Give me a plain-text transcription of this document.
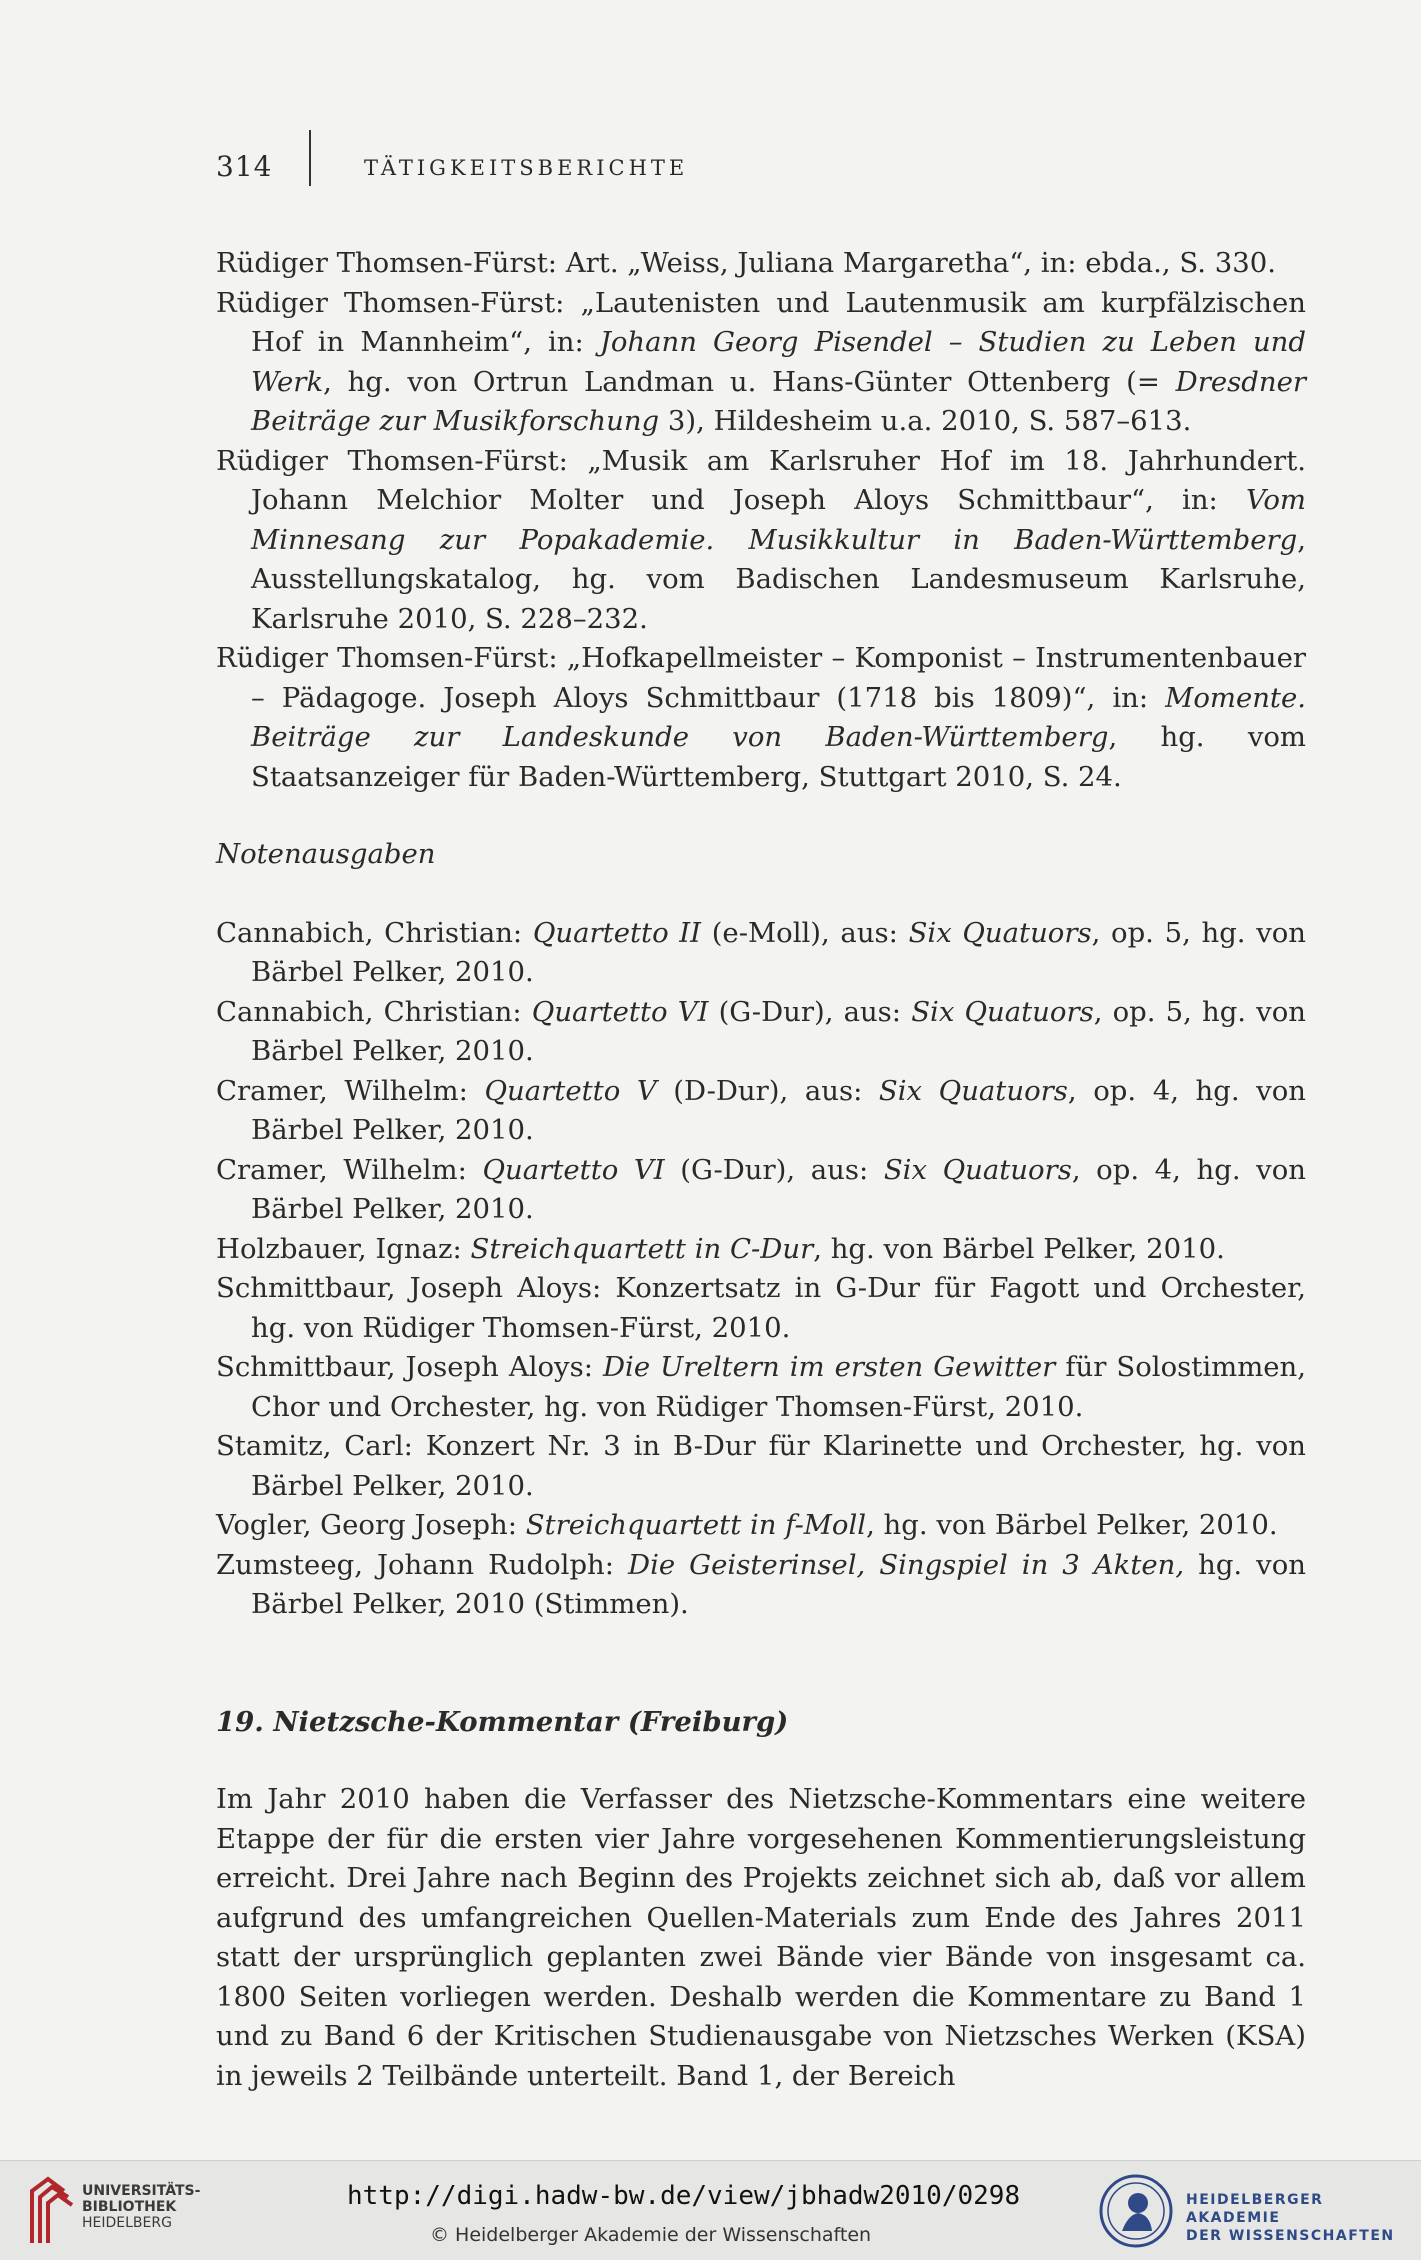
314	TÄTIGKEITSBERICHTE

Rüdiger Thomsen-Fürst: Art. „Weiss, Juliana Margaretha“, in: ebda., S. 330.

Rüdiger Thomsen-Fürst: „Lautenisten und Lautenmusik am kurpfälzischen Hof in Mannheim“, in: Johann Georg Pisendel – Studien zu Leben und Werk, hg. von Ortrun Landman u. Hans-Günter Ottenberg (= Dresdner Beiträge zur Musikforschung 3), Hildesheim u.a. 2010, S. 587–613.

Rüdiger Thomsen-Fürst: „Musik am Karlsruher Hof im 18. Jahrhundert. Johann Melchior Molter und Joseph Aloys Schmittbaur“, in: Vom Minnesang zur Popakademie. Musikkultur in Baden-Württemberg, Ausstellungskatalog, hg. vom Badischen Landesmuseum Karlsruhe, Karlsruhe 2010, S. 228–232.

Rüdiger Thomsen-Fürst: „Hofkapellmeister – Komponist – Instrumentenbauer – Pädagoge. Joseph Aloys Schmittbaur (1718 bis 1809)“, in: Momente. Beiträge zur Landeskunde von Baden-Württemberg, hg. vom Staatsanzeiger für Baden-Württemberg, Stuttgart 2010, S. 24.

Notenausgaben

Cannabich, Christian: Quartetto II (e-Moll), aus: Six Quatuors, op. 5, hg. von Bärbel Pelker, 2010.

Cannabich, Christian: Quartetto VI (G-Dur), aus: Six Quatuors, op. 5, hg. von Bärbel Pelker, 2010.

Cramer, Wilhelm: Quartetto V (D-Dur), aus: Six Quatuors, op. 4, hg. von Bärbel Pelker, 2010.

Cramer, Wilhelm: Quartetto VI (G-Dur), aus: Six Quatuors, op. 4, hg. von Bärbel Pelker, 2010.

Holzbauer, Ignaz: Streichquartett in C-Dur, hg. von Bärbel Pelker, 2010.

Schmittbaur, Joseph Aloys: Konzertsatz in G-Dur für Fagott und Orchester, hg. von Rüdiger Thomsen-Fürst, 2010.

Schmittbaur, Joseph Aloys: Die Ureltern im ersten Gewitter für Solostimmen, Chor und Orchester, hg. von Rüdiger Thomsen-Fürst, 2010.

Stamitz, Carl: Konzert Nr. 3 in B-Dur für Klarinette und Orchester, hg. von Bärbel Pelker, 2010.

Vogler, Georg Joseph: Streichquartett in f-Moll, hg. von Bärbel Pelker, 2010.

Zumsteeg, Johann Rudolph: Die Geisterinsel, Singspiel in 3 Akten, hg. von Bärbel Pelker, 2010 (Stimmen).

19. Nietzsche-Kommentar (Freiburg)

Im Jahr 2010 haben die Verfasser des Nietzsche-Kommentars eine weitere Etappe der für die ersten vier Jahre vorgesehenen Kommentierungsleistung erreicht. Drei Jahre nach Beginn des Projekts zeichnet sich ab, daß vor allem aufgrund des umfangreichen Quellen-Materials zum Ende des Jahres 2011 statt der ursprünglich geplanten zwei Bände vier Bände von insgesamt ca. 1800 Seiten vorliegen werden. Deshalb werden die Kommentare zu Band 1 und zu Band 6 der Kritischen Studienausgabe von Nietzsches Werken (KSA) in jeweils 2 Teilbände unterteilt. Band 1, der Bereich

UNIVERSITÄTS-
BIBLIOTHEK
HEIDELBERG
http://digi.hadw-bw.de/view/jbhadw2010/0298
© Heidelberger Akademie der Wissenschaften
HEIDELBERGER AKADEMIE
DER WISSENSCHAFTEN
